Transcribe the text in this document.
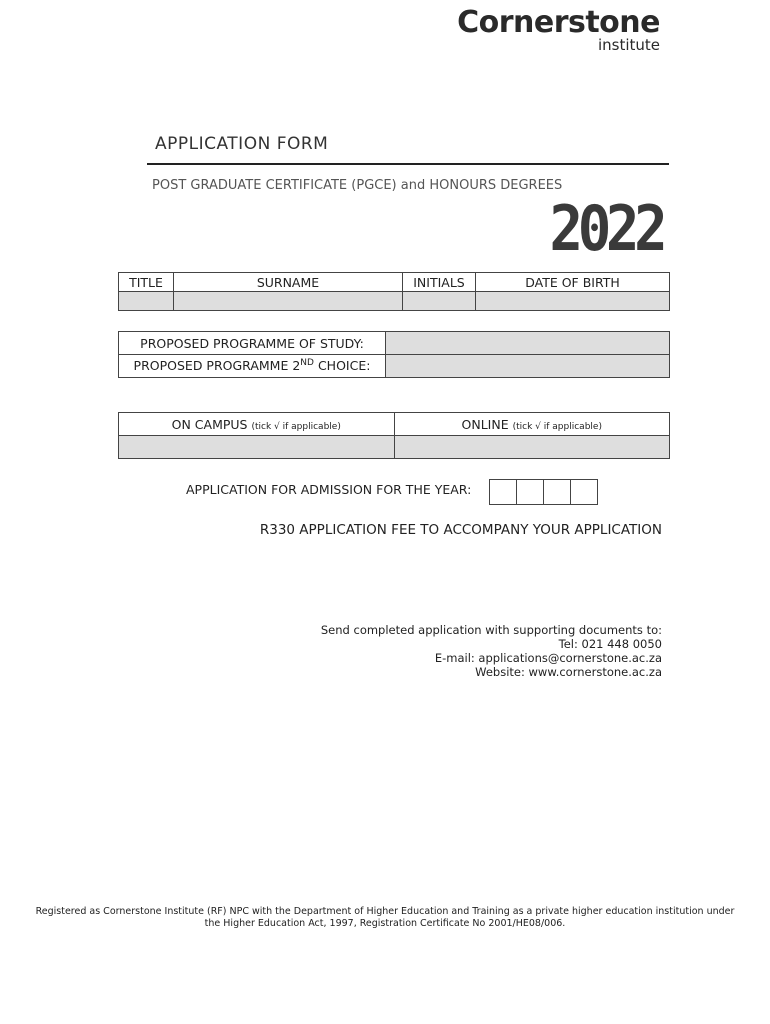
Cornerstone
institute
APPLICATION FORM
POST GRADUATE CERTIFICATE (PGCE) and HONOURS DEGREES
2022
TITLE	SURNAME	INITIALS	DATE OF BIRTH

PROPOSED PROGRAMME OF STUDY:	
PROPOSED PROGRAMME 2ND CHOICE:	
ON CAMPUS (tick √ if applicable)	ONLINE (tick √ if applicable)

APPLICATION FOR ADMISSION FOR THE YEAR:
R330 APPLICATION FEE TO ACCOMPANY YOUR APPLICATION
Send completed application with supporting documents to:
Tel: 021 448 0050
E-mail: applications@cornerstone.ac.za
Website: www.cornerstone.ac.za
Registered as Cornerstone Institute (RF) NPC with the Department of Higher Education and Training as a private higher education institution under the Higher Education Act, 1997, Registration Certificate No 2001/HE08/006.
